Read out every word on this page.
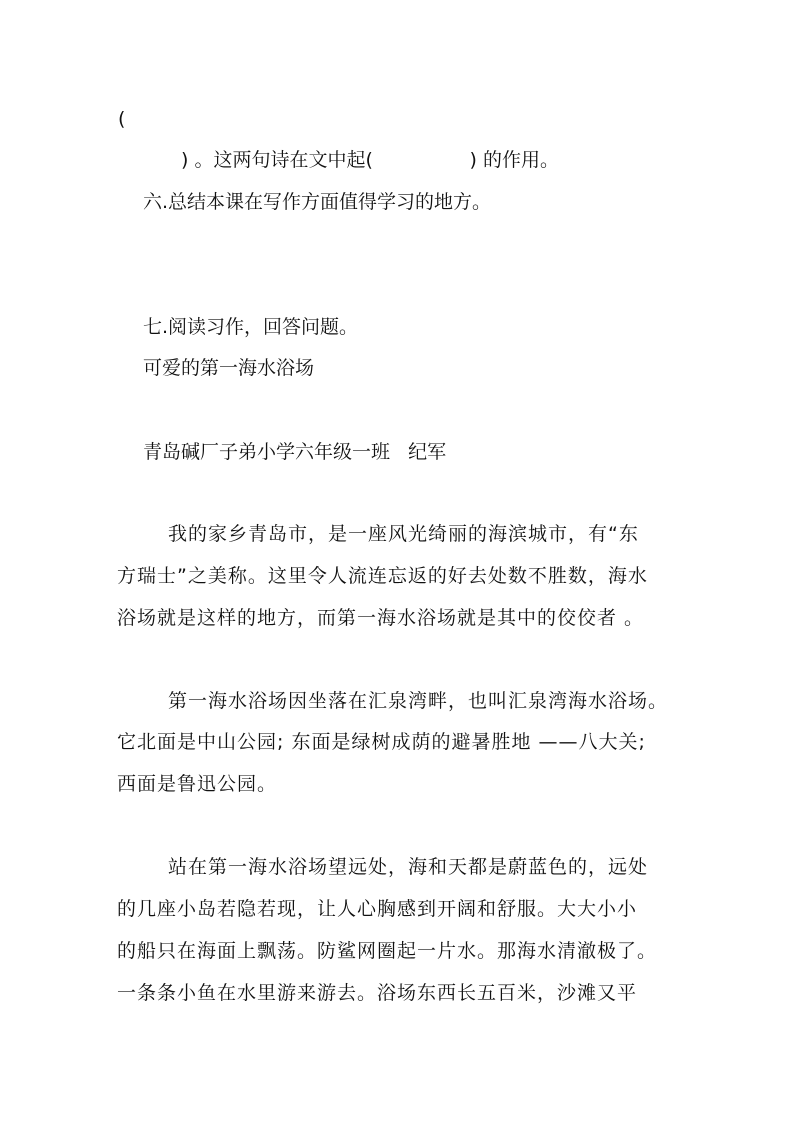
(
) 。这两句诗在文中起(                ) 的作用。
六.总结本课在写作方面值得学习的地方。
七.阅读习作，回答问题。
可爱的第一海水浴场
青岛碱厂子弟小学六年级一班   纪军
我的家乡青岛市，是一座风光绮丽的海滨城市，有“东
方瑞士”之美称。这里令人流连忘返的好去处数不胜数，海水
浴场就是这样的地方，而第一海水浴场就是其中的佼佼者 。
第一海水浴场因坐落在汇泉湾畔，也叫汇泉湾海水浴场。
它北面是中山公园; 东面是绿树成荫的避暑胜地 ——八大关;
西面是鲁迅公园。
站在第一海水浴场望远处，海和天都是蔚蓝色的，远处
的几座小岛若隐若现，让人心胸感到开阔和舒服。大大小小
的船只在海面上飘荡。防鲨网圈起一片水。那海水清澈极了。
一条条小鱼在水里游来游去。浴场东西长五百米，沙滩又平
